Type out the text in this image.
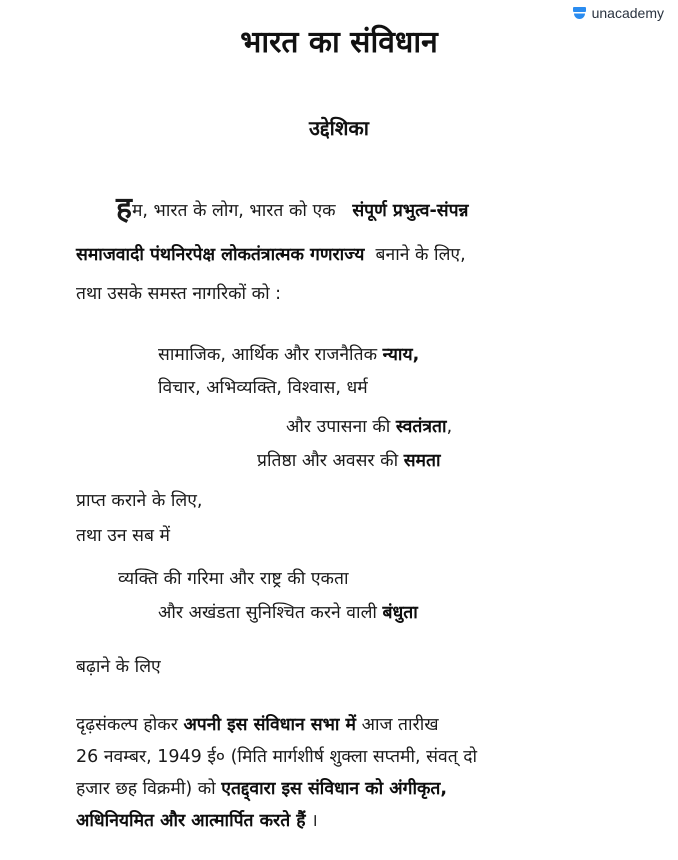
unacademy
भारत का संविधान
उद्देशिका
हम, भारत के लोग, भारत को एक संपूर्ण प्रभुत्व-संपन्न
समाजवादी पंथनिरपेक्ष लोकतंत्रात्मक गणराज्य बनाने के लिए,
तथा उसके समस्त नागरिकों को :
सामाजिक, आर्थिक और राजनैतिक न्याय,
विचार, अभिव्यक्ति, विश्वास, धर्म
और उपासना की स्वतंत्रता,
प्रतिष्ठा और अवसर की समता
प्राप्त कराने के लिए,
तथा उन सब में
व्यक्ति की गरिमा और राष्ट्र की एकता
और अखंडता सुनिश्चित करने वाली बंधुता
बढ़ाने के लिए
दृढ़संकल्प होकर अपनी इस संविधान सभा में आज तारीख
26 नवम्बर, 1949 ई० (मिति मार्गशीर्ष शुक्ला सप्तमी, संवत् दो
हजार छह विक्रमी) को एतद्द्वारा इस संविधान को अंगीकृत,
अधिनियमित और आत्मार्पित करते हैं ।
